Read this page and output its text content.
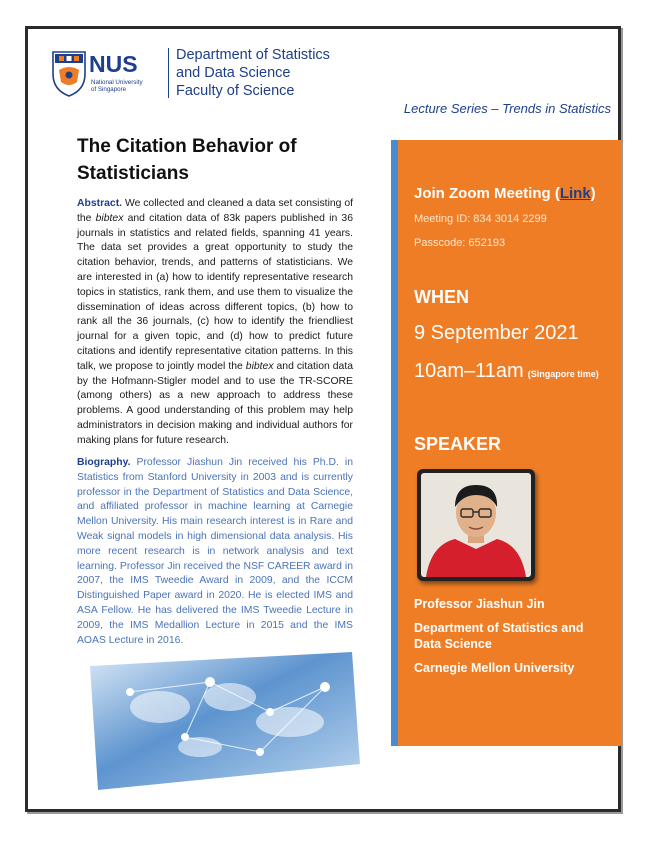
NUS
National University
of Singapore
Department of Statistics
and Data Science
Faculty of Science
Lecture Series – Trends in Statistics
The Citation Behavior of Statisticians

Abstract. We collected and cleaned a data set consisting of the bibtex and citation data of 83k papers published in 36 journals in statistics and related fields, spanning 41 years. The data set provides a great opportunity to study the citation behavior, trends, and patterns of statisticians. We are interested in (a) how to identify representative research topics in statistics, rank them, and use them to visualize the dissemination of ideas across different topics, (b) how to rank all the 36 journals, (c) how to identify the friendliest journal for a given topic, and (d) how to predict future citations and identify representative citation patterns. In this talk, we propose to jointly model the bibtex and citation data by the Hofmann-Stigler model and to use the TR-SCORE (among others) as a new approach to address these problems. A good understanding of this problem may help administrators in decision making and individual authors for making plans for future research.

Biography. Professor Jiashun Jin received his Ph.D. in Statistics from Stanford University in 2003 and is currently professor in the Department of Statistics and Data Science, and affiliated professor in machine learning at Carnegie Mellon University. His main research interest is in Rare and Weak signal models in high dimensional data analysis. His more recent research is in network analysis and text learning. Professor Jin received the NSF CAREER award in 2007, the IMS Tweedie Award in 2009, and the ICCM Distinguished Paper award in 2020. He is elected IMS and ASA Fellow. He has delivered the IMS Tweedie Lecture in 2009, the IMS Medallion Lecture in 2015 and the IMS AOAS Lecture in 2016.

Join Zoom Meeting (Link)
Meeting ID: 834 3014 2299
Passcode: 652193
WHEN
9 September 2021
10am–11am (Singapore time)
SPEAKER
Professor Jiashun Jin
Department of Statistics and Data Science
Carnegie Mellon University
